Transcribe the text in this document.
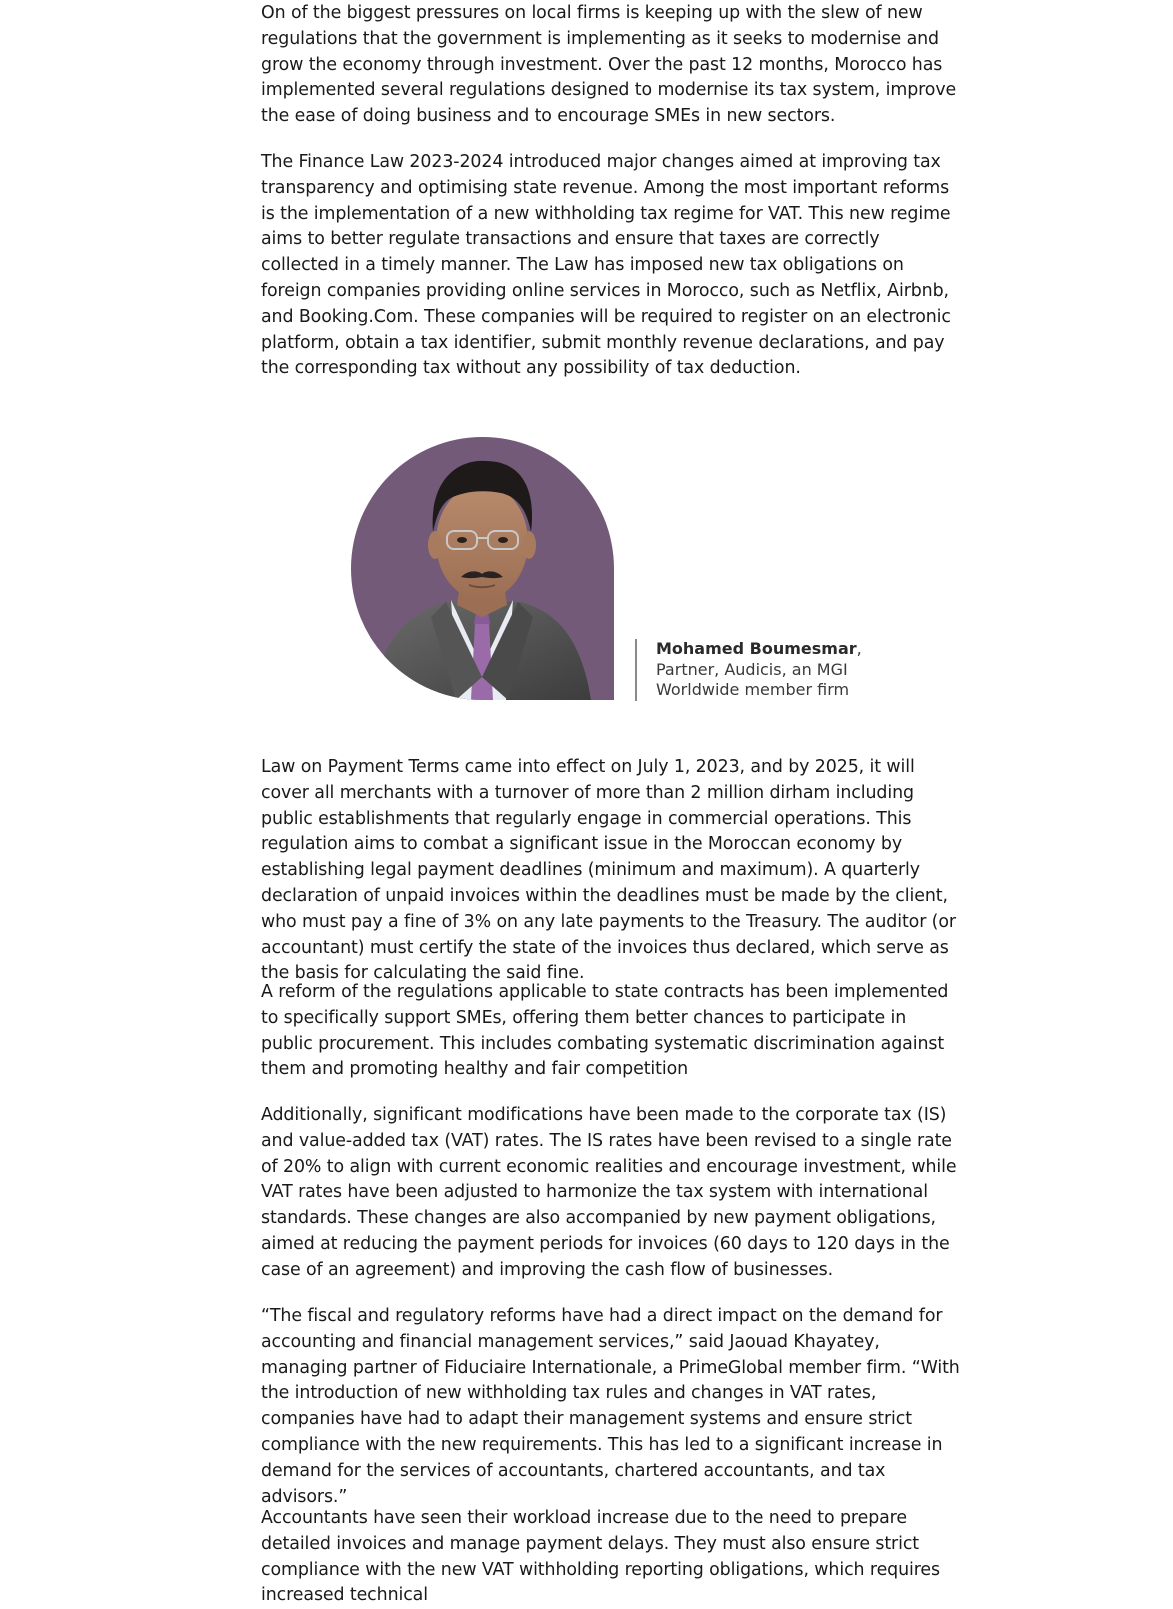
On of the biggest pressures on local firms is keeping up with the slew of new regulations that the government is implementing as it seeks to modernise and grow the economy through investment. Over the past 12 months, Morocco has implemented several regulations designed to modernise its tax system, improve the ease of doing business and to encourage SMEs in new sectors.

The Finance Law 2023-2024 introduced major changes aimed at improving tax transparency and optimising state revenue. Among the most important reforms is the implementation of a new withholding tax regime for VAT. This new regime aims to better regulate transactions and ensure that taxes are correctly collected in a timely manner. The Law has imposed new tax obligations on foreign companies providing online services in Morocco, such as Netflix, Airbnb, and Booking.Com. These companies will be required to register on an electronic platform, obtain a tax identifier, submit monthly revenue declarations, and pay the corresponding tax without any possibility of tax deduction.

Law on Payment Terms came into effect on July 1, 2023, and by 2025, it will cover all merchants with a turnover of more than 2 million dirham including public establishments that regularly engage in commercial operations. This regulation aims to combat a significant issue in the Moroccan economy by establishing legal payment deadlines (minimum and maximum). A quarterly declaration of unpaid invoices within the deadlines must be made by the client, who must pay a fine of 3% on any late payments to the Treasury. The auditor (or accountant) must certify the state of the invoices thus declared, which serve as the basis for calculating the said fine.

A reform of the regulations applicable to state contracts has been implemented to specifically support SMEs, offering them better chances to participate in public procurement. This includes combating systematic discrimination against them and promoting healthy and fair competition

Additionally, significant modifications have been made to the corporate tax (IS) and value-added tax (VAT) rates. The IS rates have been revised to a single rate of 20% to align with current economic realities and encourage investment, while VAT rates have been adjusted to harmonize the tax system with international standards. These changes are also accompanied by new payment obligations, aimed at reducing the payment periods for invoices (60 days to 120 days in the case of an agreement) and improving the cash flow of businesses.

“The fiscal and regulatory reforms have had a direct impact on the demand for accounting and financial management services,” said Jaouad Khayatey, managing partner of Fiduciaire Internationale, a PrimeGlobal member firm. “With the introduction of new withholding tax rules and changes in VAT rates, companies have had to adapt their management systems and ensure strict compliance with the new requirements. This has led to a significant increase in demand for the services of accountants, chartered accountants, and tax advisors.”

Accountants have seen their workload increase due to the need to prepare detailed invoices and manage payment delays. They must also ensure strict compliance with the new VAT withholding reporting obligations, which requires increased technical

Mohamed Boumesmar,
Partner, Audicis, an MGI
Worldwide member firm
